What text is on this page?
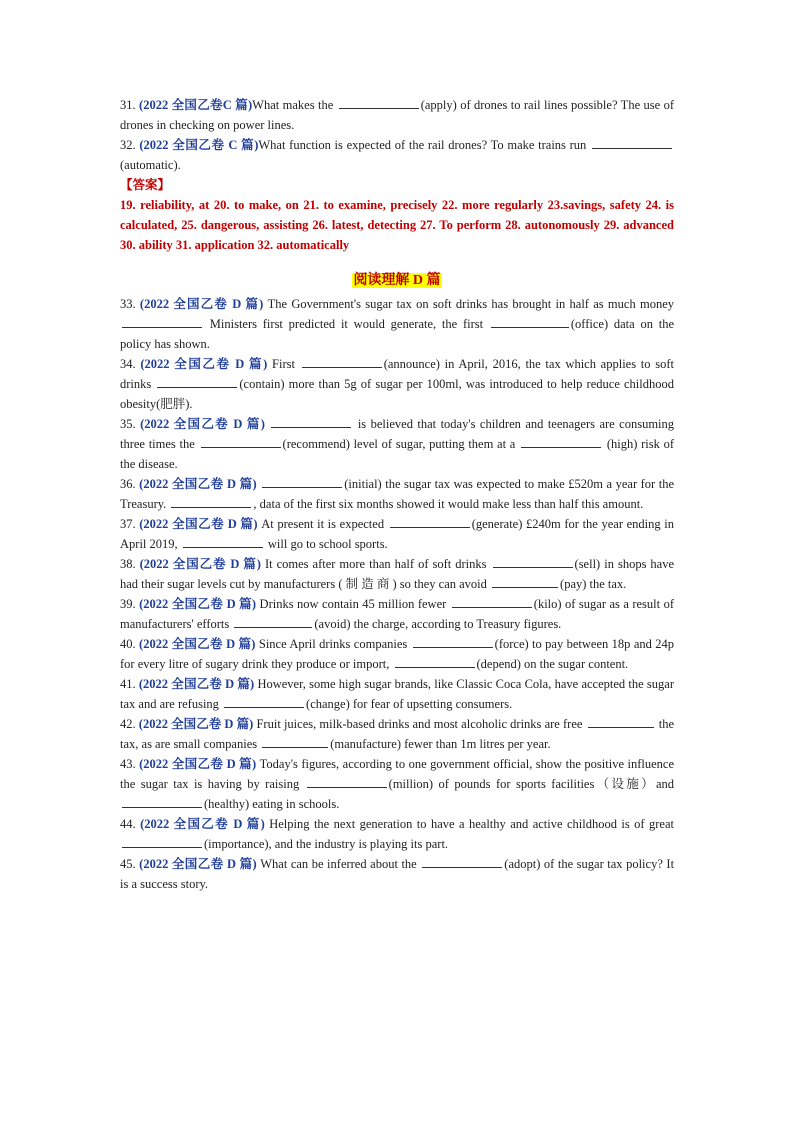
31. (2022 全国乙卷C 篇)What makes the	(apply) of drones to rail lines possible? The use of drones in checking on power lines.

32. (2022 全国乙卷 C 篇)What function is expected of the rail drones? To make trains run  (automatic).

【答案】

19. reliability, at 20. to make, on 21. to examine, precisely 22. more regularly 23.savings, safety 24. is calculated, 25. dangerous, assisting 26. latest, detecting 27. To perform 28. autonomously 29. advanced 30. ability 31. application 32. automatically

阅读理解 D 篇

33. (2022 全国乙卷 D 篇) The Government's sugar tax on soft drinks has brought in half as much money  Ministers first predicted it would generate, the first	(office) data on the policy has shown.

34. (2022 全国乙卷 D 篇) First	(announce) in April, 2016, the tax which applies to soft drinks	(contain) more than 5g of sugar per 100ml, was introduced to help reduce childhood obesity(肥胖).

35. (2022 全国乙卷 D 篇)	is believed that today's children and teenagers are consuming three times the	(recommend) level of sugar, putting them at a	(high) risk of the disease.

36. (2022 全国乙卷 D 篇)	(initial) the sugar tax was expected to make £520m a year for the Treasury.	, data of the first six months showed it would make less than half this amount.

37. (2022 全国乙卷 D 篇) At present it is expected	(generate) £240m for the year ending in April 2019,	will go to school sports.

38. (2022 全国乙卷 D 篇) It comes after more than half of soft drinks	(sell) in shops have had their sugar levels cut by manufacturers ( 制 造 商 ) so they can avoid	(pay) the tax.

39. (2022 全国乙卷 D 篇) Drinks now contain 45 million fewer	(kilo) of sugar as a result of manufacturers' efforts	(avoid) the charge, according to Treasury figures.

40. (2022 全国乙卷 D 篇) Since April drinks companies	(force) to pay between 18p and 24p for every litre of sugary drink they produce or import,	(depend) on the sugar content.

41. (2022 全国乙卷 D 篇) However, some high sugar brands, like Classic Coca Cola, have accepted the sugar tax and are refusing	(change) for fear of upsetting consumers.

42. (2022 全国乙卷 D 篇) Fruit juices, milk-based drinks and most alcoholic drinks are free	the tax, as are small companies	(manufacture) fewer than 1m litres per year.

43. (2022 全国乙卷 D 篇) Today's figures, according to one government official, show the positive influence the sugar tax is having by raising	(million) of pounds for sports facilities（设施）and (healthy) eating in schools.

44. (2022 全国乙卷 D 篇) Helping the next generation to have a healthy and active childhood is of great (importance), and the industry is playing its part.

45. (2022 全国乙卷 D 篇) What can be inferred about the	(adopt) of the sugar tax policy? It is a success story.
